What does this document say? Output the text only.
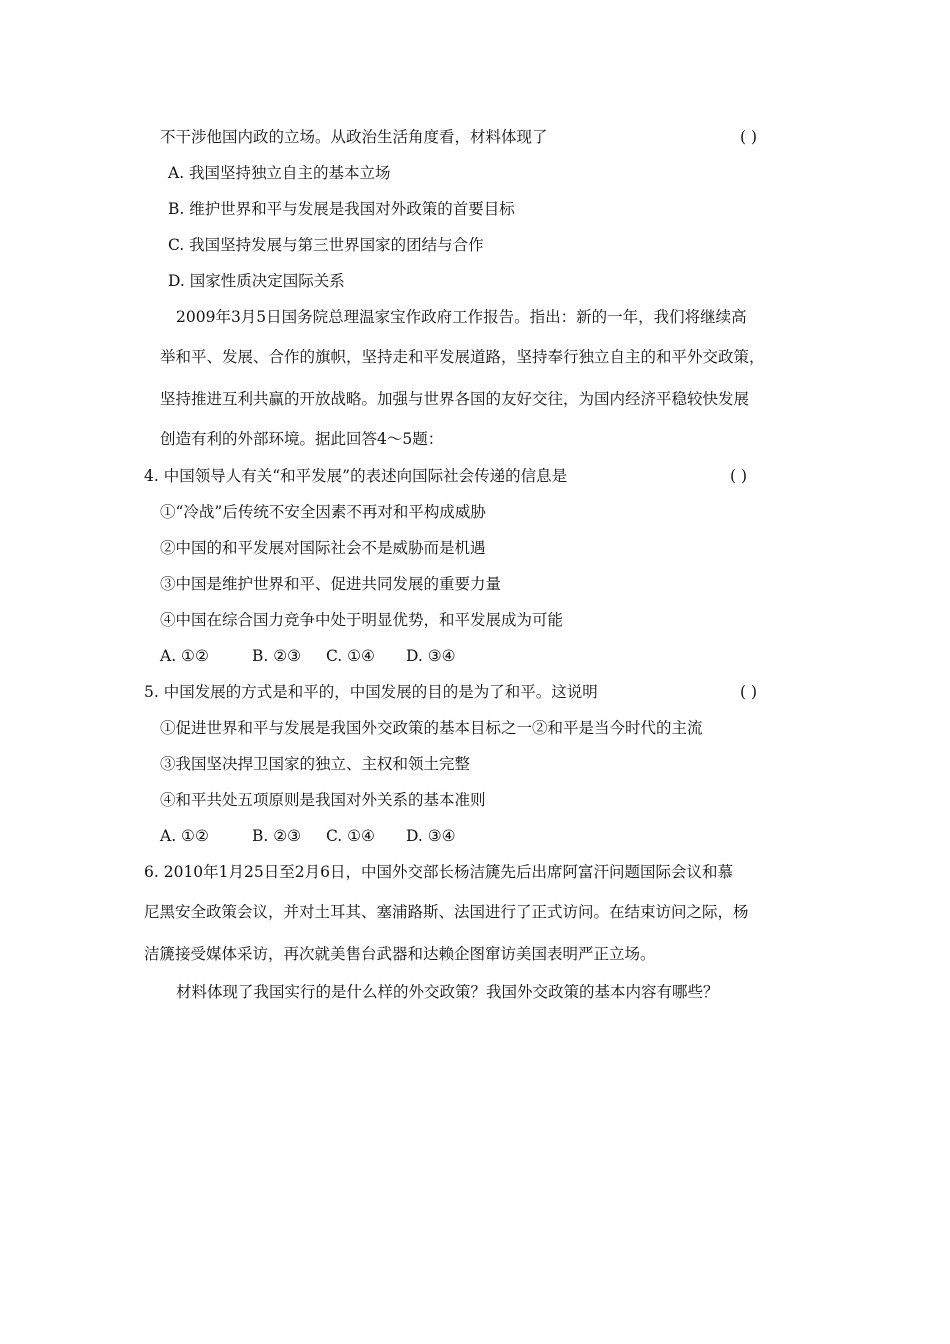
不干涉他国内政的立场。从政治生活角度看，材料体现了	( )
A. 我国坚持独立自主的基本立场
B. 维护世界和平与发展是我国对外政策的首要目标
C. 我国坚持发展与第三世界国家的团结与合作
D. 国家性质决定国际关系
2009年3月5日国务院总理温家宝作政府工作报告。指出：新的一年，我们将继续高
举和平、发展、合作的旗帜，坚持走和平发展道路，坚持奉行独立自主的和平外交政策，
坚持推进互利共赢的开放战略。加强与世界各国的友好交往，为国内经济平稳较快发展
创造有利的外部环境。据此回答4～5题：
4. 中国领导人有关“和平发展”的表述向国际社会传递的信息是	( )
①“冷战”后传统不安全因素不再对和平构成威胁
②中国的和平发展对国际社会不是威胁而是机遇
③中国是维护世界和平、促进共同发展的重要力量
④中国在综合国力竞争中处于明显优势，和平发展成为可能
A. ①②	B. ②③ C. ①④ D. ③④
5. 中国发展的方式是和平的，中国发展的目的是为了和平。这说明	( )
①促进世界和平与发展是我国外交政策的基本目标之一②和平是当今时代的主流
③我国坚决捍卫国家的独立、主权和领土完整
④和平共处五项原则是我国对外关系的基本准则
A. ①②	B. ②③ C. ①④ D. ③④
6. 2010年1月25日至2月6日，中国外交部长杨洁篪先后出席阿富汗问题国际会议和慕
尼黑安全政策会议，并对土耳其、塞浦路斯、法国进行了正式访问。在结束访问之际，杨
洁篪接受媒体采访，再次就美售台武器和达赖企图窜访美国表明严正立场。
材料体现了我国实行的是什么样的外交政策？我国外交政策的基本内容有哪些？
